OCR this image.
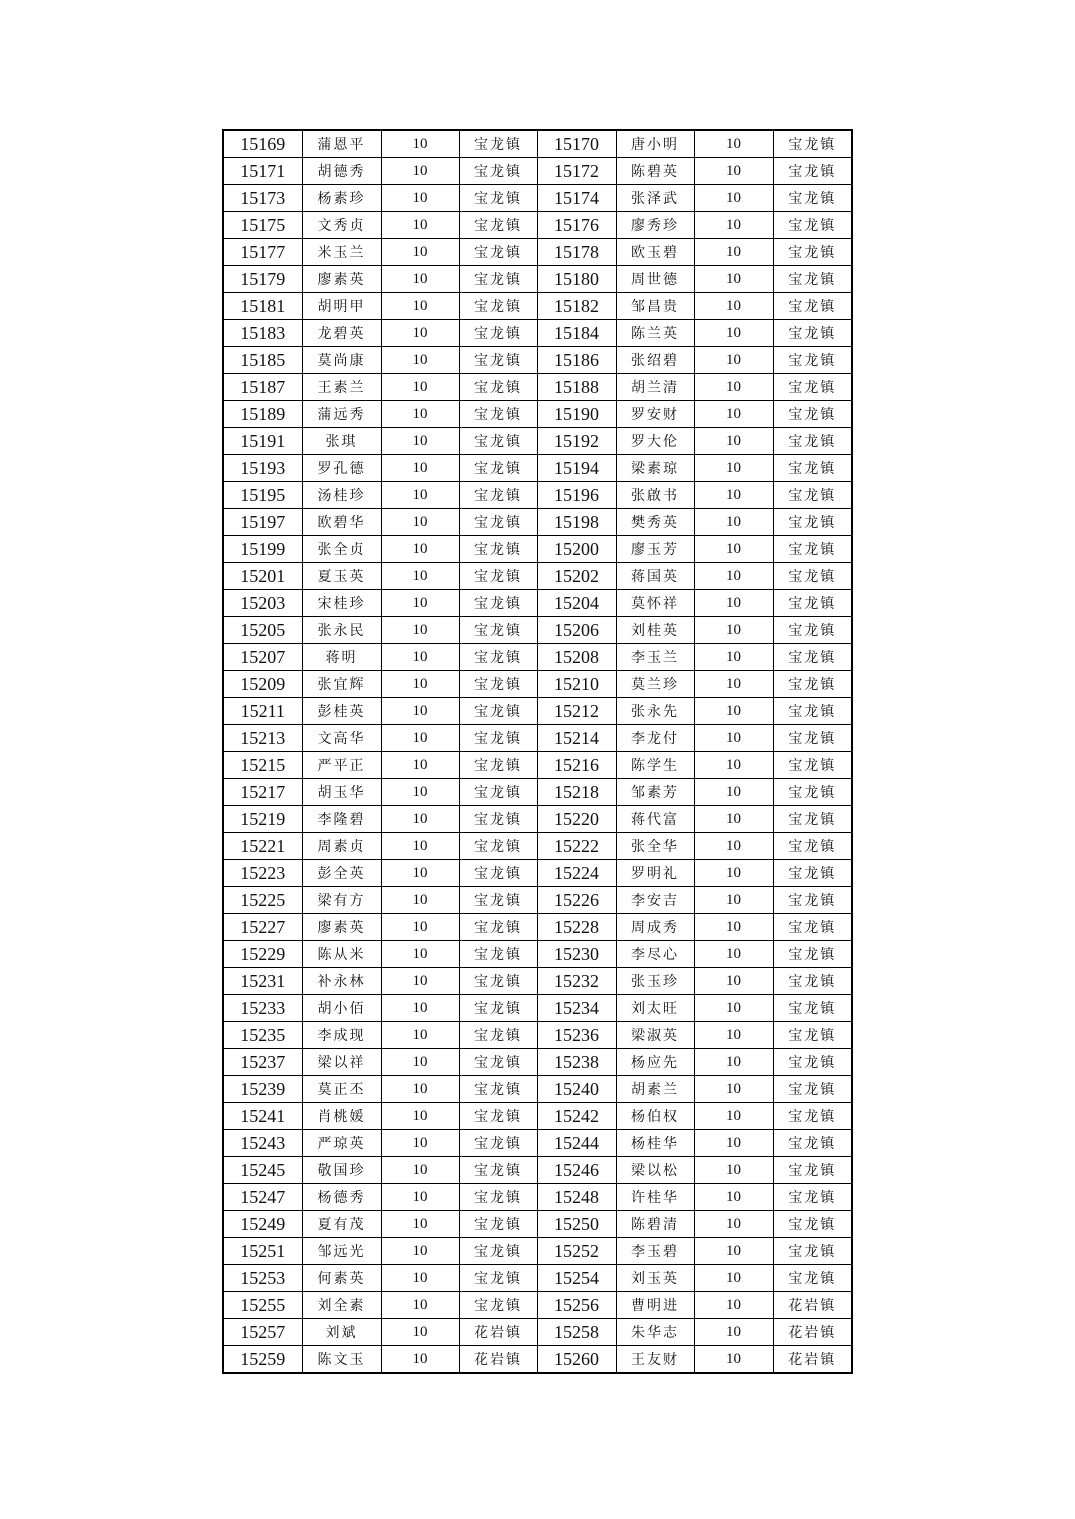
15169	蒲恩平	10	宝龙镇	15170	唐小明	10	宝龙镇
15171	胡德秀	10	宝龙镇	15172	陈碧英	10	宝龙镇
15173	杨素珍	10	宝龙镇	15174	张泽武	10	宝龙镇
15175	文秀贞	10	宝龙镇	15176	廖秀珍	10	宝龙镇
15177	米玉兰	10	宝龙镇	15178	欧玉碧	10	宝龙镇
15179	廖素英	10	宝龙镇	15180	周世德	10	宝龙镇
15181	胡明甲	10	宝龙镇	15182	邹昌贵	10	宝龙镇
15183	龙碧英	10	宝龙镇	15184	陈兰英	10	宝龙镇
15185	莫尚康	10	宝龙镇	15186	张绍碧	10	宝龙镇
15187	王素兰	10	宝龙镇	15188	胡兰清	10	宝龙镇
15189	蒲远秀	10	宝龙镇	15190	罗安财	10	宝龙镇
15191	张琪	10	宝龙镇	15192	罗大伦	10	宝龙镇
15193	罗孔德	10	宝龙镇	15194	梁素琼	10	宝龙镇
15195	汤桂珍	10	宝龙镇	15196	张啟书	10	宝龙镇
15197	欧碧华	10	宝龙镇	15198	樊秀英	10	宝龙镇
15199	张全贞	10	宝龙镇	15200	廖玉芳	10	宝龙镇
15201	夏玉英	10	宝龙镇	15202	蒋国英	10	宝龙镇
15203	宋桂珍	10	宝龙镇	15204	莫怀祥	10	宝龙镇
15205	张永民	10	宝龙镇	15206	刘桂英	10	宝龙镇
15207	蒋明	10	宝龙镇	15208	李玉兰	10	宝龙镇
15209	张宜辉	10	宝龙镇	15210	莫兰珍	10	宝龙镇
15211	彭桂英	10	宝龙镇	15212	张永先	10	宝龙镇
15213	文高华	10	宝龙镇	15214	李龙付	10	宝龙镇
15215	严平正	10	宝龙镇	15216	陈学生	10	宝龙镇
15217	胡玉华	10	宝龙镇	15218	邹素芳	10	宝龙镇
15219	李隆碧	10	宝龙镇	15220	蒋代富	10	宝龙镇
15221	周素贞	10	宝龙镇	15222	张全华	10	宝龙镇
15223	彭全英	10	宝龙镇	15224	罗明礼	10	宝龙镇
15225	梁有方	10	宝龙镇	15226	李安吉	10	宝龙镇
15227	廖素英	10	宝龙镇	15228	周成秀	10	宝龙镇
15229	陈从米	10	宝龙镇	15230	李尽心	10	宝龙镇
15231	补永林	10	宝龙镇	15232	张玉珍	10	宝龙镇
15233	胡小佰	10	宝龙镇	15234	刘太旺	10	宝龙镇
15235	李成现	10	宝龙镇	15236	梁淑英	10	宝龙镇
15237	梁以祥	10	宝龙镇	15238	杨应先	10	宝龙镇
15239	莫正丕	10	宝龙镇	15240	胡素兰	10	宝龙镇
15241	肖桃媛	10	宝龙镇	15242	杨伯权	10	宝龙镇
15243	严琼英	10	宝龙镇	15244	杨桂华	10	宝龙镇
15245	敬国珍	10	宝龙镇	15246	梁以松	10	宝龙镇
15247	杨德秀	10	宝龙镇	15248	许桂华	10	宝龙镇
15249	夏有茂	10	宝龙镇	15250	陈碧清	10	宝龙镇
15251	邹远光	10	宝龙镇	15252	李玉碧	10	宝龙镇
15253	何素英	10	宝龙镇	15254	刘玉英	10	宝龙镇
15255	刘全素	10	宝龙镇	15256	曹明进	10	花岩镇
15257	刘斌	10	花岩镇	15258	朱华志	10	花岩镇
15259	陈文玉	10	花岩镇	15260	王友财	10	花岩镇
